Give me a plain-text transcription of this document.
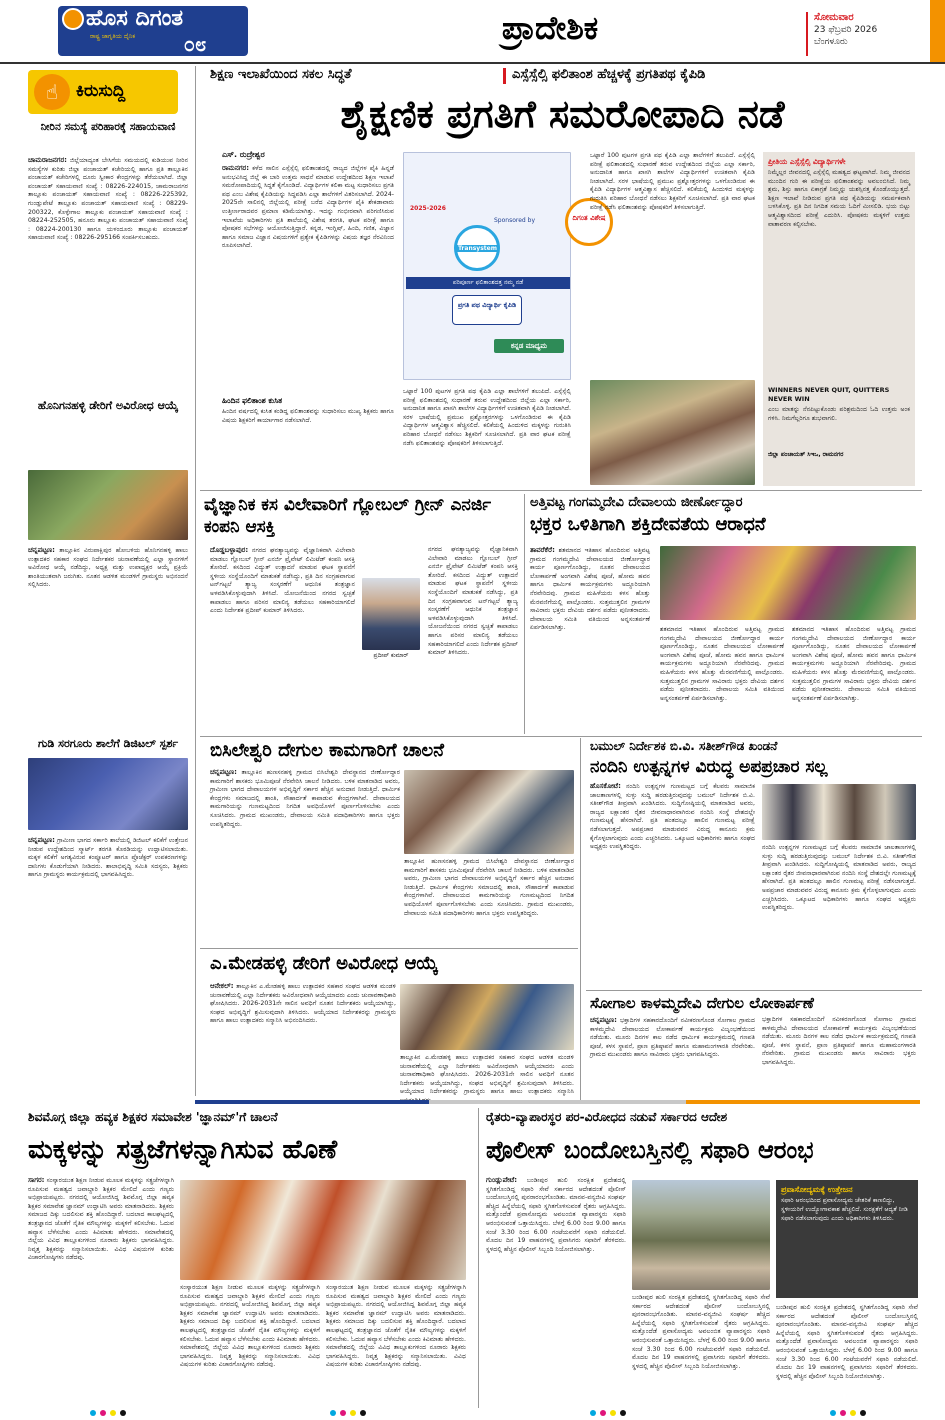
ಹೊಸ ದಿಗಂತ
ರಾಷ್ಟ್ರ ಜಾಗೃತಿಯ ದೈನಿಕ	೦೮	ಪ್ರಾದೇಶಿಕ	ಸೋಮವಾರ
23 ಫೆಬ್ರವರಿ 2026
ಬೆಂಗಳೂರು
☝	ಕಿರುಸುದ್ದಿ
ನೀರಿನ ಸಮಸ್ಯೆ ಪರಿಹಾರಕ್ಕೆ ಸಹಾಯವಾಣಿ
ಚಾಮರಾಜನಗರ: ಜಿಲ್ಲೆಯಾದ್ಯಂತ ಬೇಸಿಗೆಯ ಸಮಯದಲ್ಲಿ ಕುಡಿಯುವ ನೀರಿನ ಸಮಸ್ಯೆಗಳ ಕುರಿತು ಜಿಲ್ಲಾ ಪಂಚಾಯತ್ ಕಚೇರಿಯಲ್ಲಿ ಹಾಗೂ ಪ್ರತಿ ತಾಲ್ಲೂಕಿನ ಪಂಚಾಯತ್ ಕಚೇರಿಗಳಲ್ಲಿ ದೂರು ಸ್ವೀಕಾರ ಕೇಂದ್ರಗಳನ್ನು ತೆರೆಯಲಾಗಿದೆ. ಜಿಲ್ಲಾ ಪಂಚಾಯತ್ ಸಹಾಯವಾಣಿ ಸಂಖ್ಯೆ : 08226-224015, ಚಾಮರಾಜನಗರ ತಾಲ್ಲೂಕು ಪಂಚಾಯತ್ ಸಹಾಯವಾಣಿ ಸಂಖ್ಯೆ : 08226-225392, ಗುಂಡ್ಲುಪೇಟೆ ತಾಲ್ಲೂಕು ಪಂಚಾಯತ್ ಸಹಾಯವಾಣಿ ಸಂಖ್ಯೆ : 08229-200322, ಕೊಳ್ಳೇಗಾಲ ತಾಲ್ಲೂಕು ಪಂಚಾಯತ್ ಸಹಾಯವಾಣಿ ಸಂಖ್ಯೆ : 08224-252505, ಹನೂರು ತಾಲ್ಲೂಕು ಪಂಚಾಯತ್ ಸಹಾಯವಾಣಿ ಸಂಖ್ಯೆ : 08224-200130 ಹಾಗೂ ಯಳಂದೂರು ತಾಲ್ಲೂಕು ಪಂಚಾಯತ್ ಸಹಾಯವಾಣಿ ಸಂಖ್ಯೆ : 08226-295166 ಸಂಪರ್ಕಿಸಬಹುದು.
ಹೊನಿಗನಹಳ್ಳಿ ಡೇರಿಗೆ ಅವಿರೋಧ ಆಯ್ಕೆ
ಚನ್ನಪಟ್ಟಣ: ತಾಲ್ಲೂಕಿನ ವಿರುಪಾಕ್ಷಿಪುರ ಹೋಬಳಿಯ ಹೊನಿಗನಹಳ್ಳಿ ಹಾಲು ಉತ್ಪಾದಕರ ಸಹಕಾರ ಸಂಘದ ನಿರ್ದೇಶಕರ ಚುನಾವಣೆಯಲ್ಲಿ ಎಲ್ಲಾ ಸ್ಥಾನಗಳಿಗೆ ಅವಿರೋಧ ಆಯ್ಕೆ ನಡೆದಿದ್ದು, ಅಧ್ಯಕ್ಷ ಮತ್ತು ಉಪಾಧ್ಯಕ್ಷರ ಆಯ್ಕೆ ಪ್ರಕ್ರಿಯೆ ಶಾಂತಿಯುತವಾಗಿ ಜರುಗಿತು. ನೂತನ ಆಡಳಿತ ಮಂಡಳಿಗೆ ಗ್ರಾಮಸ್ಥರು ಅಭಿನಂದನೆ ಸಲ್ಲಿಸಿದರು.
ಗುಡಿ ಸರಗೂರು ಶಾಲೆಗೆ ಡಿಜಿಟಲ್ ಸ್ಪರ್ಶ
ಚನ್ನಪಟ್ಟಣ: ಗ್ರಾಮೀಣ ಭಾಗದ ಸರ್ಕಾರಿ ಶಾಲೆಯಲ್ಲಿ ಡಿಜಿಟಲ್ ಕಲಿಕೆಗೆ ಉತ್ತೇಜನ ನೀಡುವ ಉದ್ದೇಶದಿಂದ ಸ್ಮಾರ್ಟ್ ತರಗತಿ ಕೊಠಡಿಯನ್ನು ಉದ್ಘಾಟಿಸಲಾಯಿತು. ಮಕ್ಕಳ ಕಲಿಕೆಗೆ ಅಗತ್ಯವಿರುವ ಕಂಪ್ಯೂಟರ್ ಹಾಗೂ ಪ್ರೊಜೆಕ್ಟರ್ ಉಪಕರಣಗಳನ್ನು ದಾನಿಗಳು ಕೊಡುಗೆಯಾಗಿ ನೀಡಿದರು. ಶಾಲಾಭಿವೃದ್ಧಿ ಸಮಿತಿ ಸದಸ್ಯರು, ಶಿಕ್ಷಕರು ಹಾಗೂ ಗ್ರಾಮಸ್ಥರು ಕಾರ್ಯಕ್ರಮದಲ್ಲಿ ಭಾಗವಹಿಸಿದ್ದರು.
ಶಿಕ್ಷಣ ಇಲಾಖೆಯಿಂದ ಸಕಲ ಸಿದ್ಧತೆ	ಎಸ್ಸೆಸ್ಸೆಲ್ಸಿ ಫಲಿತಾಂಶ ಹೆಚ್ಚಳಕ್ಕೆ ಪ್ರಗತಿಪಥ ಕೈಪಿಡಿ
ಶೈಕ್ಷಣಿಕ ಪ್ರಗತಿಗೆ ಸಮರೋಪಾದಿ ನಡೆ
ಎಸ್. ರುದ್ರೇಶ್ವರ
ರಾಮನಗರ: ಕಳೆದ ಸಾಲಿನ ಎಸ್ಸೆಸ್ಸೆಲ್ಸಿ ಫಲಿತಾಂಶದಲ್ಲಿ ರಾಜ್ಯದ ಜಿಲ್ಲೆಗಳ ಪೈಕಿ ಹಿನ್ನಡೆ ಅನುಭವಿಸಿದ್ದ ಜಿಲ್ಲೆ ಈ ಬಾರಿ ಉತ್ತಮ ಸಾಧನೆ ಮಾಡುವ ಉದ್ದೇಶದಿಂದ ಶಿಕ್ಷಣ ಇಲಾಖೆ ಸಮರೋಪಾದಿಯಲ್ಲಿ ಸಿದ್ಧತೆ ಕೈಗೊಂಡಿದೆ. ವಿದ್ಯಾರ್ಥಿಗಳ ಕಲಿಕಾ ಮಟ್ಟ ಸುಧಾರಿಸಲು ಪ್ರಗತಿ ಪಥ ಎಂಬ ವಿಶೇಷ ಕೈಪಿಡಿಯನ್ನು ಸಿದ್ಧಪಡಿಸಿ ಎಲ್ಲಾ ಶಾಲೆಗಳಿಗೆ ವಿತರಿಸಲಾಗಿದೆ. 2024-2025ನೇ ಸಾಲಿನಲ್ಲಿ ಜಿಲ್ಲೆಯಲ್ಲಿ ಪರೀಕ್ಷೆ ಬರೆದ ವಿದ್ಯಾರ್ಥಿಗಳ ಪೈಕಿ ಶೇಕಡಾವಾರು ಉತ್ತೀರ್ಣರಾದವರ ಪ್ರಮಾಣ ಕಡಿಮೆಯಾಗಿತ್ತು. ಇದನ್ನು ಗಂಭೀರವಾಗಿ ಪರಿಗಣಿಸಿರುವ ಇಲಾಖೆಯ ಅಧಿಕಾರಿಗಳು ಪ್ರತಿ ಶಾಲೆಯಲ್ಲಿ ವಿಶೇಷ ತರಗತಿ, ಘಟಕ ಪರೀಕ್ಷೆ ಹಾಗೂ ಪೋಷಕರ ಸಭೆಗಳನ್ನು ಆಯೋಜಿಸುತ್ತಿದ್ದಾರೆ. ಕನ್ನಡ, ಇಂಗ್ಲಿಷ್, ಹಿಂದಿ, ಗಣಿತ, ವಿಜ್ಞಾನ ಹಾಗೂ ಸಮಾಜ ವಿಜ್ಞಾನ ವಿಷಯಗಳಿಗೆ ಪ್ರತ್ಯೇಕ ಕೈಪಿಡಿಗಳನ್ನು ವಿಷಯ ತಜ್ಞರ ನೆರವಿನಿಂದ ರೂಪಿಸಲಾಗಿದೆ.
ಹಿಂದಿನ ಫಲಿತಾಂಶ ಕುಸಿತ
ಹಿಂದಿನ ವರ್ಷದಲ್ಲಿ ಕುಸಿತ ಕಂಡಿದ್ದ ಫಲಿತಾಂಶವನ್ನು ಸುಧಾರಿಸಲು ಮುಖ್ಯ ಶಿಕ್ಷಕರು ಹಾಗೂ ವಿಷಯ ಶಿಕ್ಷಕರಿಗೆ ಕಾರ್ಯಾಗಾರ ನಡೆಸಲಾಗಿದೆ.
2025-2026
Sponsored by
Transystem
ಪರಿಪೂರ್ಣ ಫಲಿತಾಂಶದತ್ತ ನಮ್ಮ ನಡೆ
ಪ್ರಗತಿ ಪಥ ವಿದ್ಯಾರ್ಥಿ ಕೈಪಿಡಿ
ಕನ್ನಡ ಮಾಧ್ಯಮ
ದಿಗಂತ ವಿಶೇಷ
ಒಟ್ಟಾರೆ 100 ಪುಟಗಳ ಪ್ರಗತಿ ಪಥ ಕೈಪಿಡಿ ಎಲ್ಲಾ ಶಾಲೆಗಳಿಗೆ ತಲುಪಿದೆ. ಎಸ್ಸೆಸ್ಸೆಲ್ಸಿ ಪರೀಕ್ಷೆ ಫಲಿತಾಂಶದಲ್ಲಿ ಸುಧಾರಣೆ ತರುವ ಉದ್ದೇಶದಿಂದ ಜಿಲ್ಲೆಯ ಎಲ್ಲಾ ಸರ್ಕಾರಿ, ಅನುದಾನಿತ ಹಾಗೂ ಖಾಸಗಿ ಶಾಲೆಗಳ ವಿದ್ಯಾರ್ಥಿಗಳಿಗೆ ಉಚಿತವಾಗಿ ಕೈಪಿಡಿ ನೀಡಲಾಗಿದೆ. ಸರಳ ಭಾಷೆಯಲ್ಲಿ ಪ್ರಮುಖ ಪ್ರಶ್ನೋತ್ತರಗಳನ್ನು ಒಳಗೊಂಡಿರುವ ಈ ಕೈಪಿಡಿ ವಿದ್ಯಾರ್ಥಿಗಳ ಆತ್ಮವಿಶ್ವಾಸ ಹೆಚ್ಚಿಸಲಿದೆ. ಕಲಿಕೆಯಲ್ಲಿ ಹಿಂದುಳಿದ ಮಕ್ಕಳನ್ನು ಗುರುತಿಸಿ ಪರಿಹಾರ ಬೋಧನೆ ನಡೆಸಲು ಶಿಕ್ಷಕರಿಗೆ ಸೂಚಿಸಲಾಗಿದೆ. ಪ್ರತಿ ವಾರ ಘಟಕ ಪರೀಕ್ಷೆ ನಡೆಸಿ ಫಲಿತಾಂಶವನ್ನು ಪೋಷಕರಿಗೆ ತಿಳಿಸಲಾಗುತ್ತಿದೆ.
ಒಟ್ಟಾರೆ 100 ಪುಟಗಳ ಪ್ರಗತಿ ಪಥ ಕೈಪಿಡಿ ಎಲ್ಲಾ ಶಾಲೆಗಳಿಗೆ ತಲುಪಿದೆ. ಎಸ್ಸೆಸ್ಸೆಲ್ಸಿ ಪರೀಕ್ಷೆ ಫಲಿತಾಂಶದಲ್ಲಿ ಸುಧಾರಣೆ ತರುವ ಉದ್ದೇಶದಿಂದ ಜಿಲ್ಲೆಯ ಎಲ್ಲಾ ಸರ್ಕಾರಿ, ಅನುದಾನಿತ ಹಾಗೂ ಖಾಸಗಿ ಶಾಲೆಗಳ ವಿದ್ಯಾರ್ಥಿಗಳಿಗೆ ಉಚಿತವಾಗಿ ಕೈಪಿಡಿ ನೀಡಲಾಗಿದೆ. ಸರಳ ಭಾಷೆಯಲ್ಲಿ ಪ್ರಮುಖ ಪ್ರಶ್ನೋತ್ತರಗಳನ್ನು ಒಳಗೊಂಡಿರುವ ಈ ಕೈಪಿಡಿ ವಿದ್ಯಾರ್ಥಿಗಳ ಆತ್ಮವಿಶ್ವಾಸ ಹೆಚ್ಚಿಸಲಿದೆ. ಕಲಿಕೆಯಲ್ಲಿ ಹಿಂದುಳಿದ ಮಕ್ಕಳನ್ನು ಗುರುತಿಸಿ ಪರಿಹಾರ ಬೋಧನೆ ನಡೆಸಲು ಶಿಕ್ಷಕರಿಗೆ ಸೂಚಿಸಲಾಗಿದೆ. ಪ್ರತಿ ವಾರ ಘಟಕ ಪರೀಕ್ಷೆ ನಡೆಸಿ ಫಲಿತಾಂಶವನ್ನು ಪೋಷಕರಿಗೆ ತಿಳಿಸಲಾಗುತ್ತಿದೆ.
ಪ್ರೀತಿಯ ಎಸ್ಸೆಸ್ಸೆಲ್ಸಿ ವಿದ್ಯಾರ್ಥಿಗಳೇ
ನಿಮ್ಮೆಲ್ಲರ ಜೀವನದಲ್ಲಿ ಎಸ್ಸೆಸ್ಸೆಲ್ಸಿ ಮಹತ್ವದ ಘಟ್ಟವಾಗಿದೆ. ನಿಮ್ಮ ಜೀವನದ ಮುಂದಿನ ಗುರಿ ಈ ಪರೀಕ್ಷೆಯ ಫಲಿತಾಂಶವನ್ನು ಅವಲಂಬಿಸಿದೆ. ನಿಮ್ಮ ಶ್ರಮ, ಶಿಸ್ತು ಹಾಗೂ ಏಕಾಗ್ರತೆ ನಿಮ್ಮನ್ನು ಯಶಸ್ಸಿನತ್ತ ಕೊಂಡೊಯ್ಯುತ್ತದೆ. ಶಿಕ್ಷಣ ಇಲಾಖೆ ನೀಡಿರುವ ಪ್ರಗತಿ ಪಥ ಕೈಪಿಡಿಯನ್ನು ಸಮರ್ಪಕವಾಗಿ ಬಳಸಿಕೊಳ್ಳಿ. ಪ್ರತಿ ದಿನ ನಿಗದಿತ ಸಮಯ ಓದಿಗೆ ಮೀಸಲಿಡಿ. ಭಯ ಬಿಟ್ಟು ಆತ್ಮವಿಶ್ವಾಸದಿಂದ ಪರೀಕ್ಷೆ ಎದುರಿಸಿ. ಪೋಷಕರು ಮಕ್ಕಳಿಗೆ ಉತ್ತಮ ವಾತಾವರಣ ಕಲ್ಪಿಸಬೇಕು.
WINNERS NEVER QUIT, QUITTERS NEVER WIN
ಎಂಬ ಮಾತನ್ನು ನೆನಪಿಟ್ಟುಕೊಂಡು ಪರಿಶ್ರಮದಿಂದ ಓದಿ ಉತ್ತಮ ಅಂಕ ಗಳಿಸಿ. ನಿಮಗೆಲ್ಲರಿಗೂ ಶುಭವಾಗಲಿ.
ಜಿಲ್ಲಾ ಪಂಚಾಯತ್ ಸಿಇಒ, ರಾಮನಗರ
ವೈಜ್ಞಾನಿಕ ಕಸ ವಿಲೇವಾರಿಗೆ ಗ್ಲೋಬಲ್ ಗ್ರೀನ್ ಎನರ್ಜಿ ಕಂಪನಿ ಆಸಕ್ತಿ
ದೊಡ್ಡಬಳ್ಳಾಪುರ: ನಗರದ ಘನತ್ಯಾಜ್ಯವನ್ನು ವೈಜ್ಞಾನಿಕವಾಗಿ ವಿಲೇವಾರಿ ಮಾಡಲು ಗ್ಲೋಬಲ್ ಗ್ರೀನ್ ಎನರ್ಜಿ ಪ್ರೈವೇಟ್ ಲಿಮಿಟೆಡ್ ಕಂಪನಿ ಆಸಕ್ತಿ ತೋರಿದೆ. ಕಸದಿಂದ ವಿದ್ಯುತ್ ಉತ್ಪಾದನೆ ಮಾಡುವ ಘಟಕ ಸ್ಥಾಪನೆಗೆ ಸ್ಥಳೀಯ ಸಂಸ್ಥೆಯೊಂದಿಗೆ ಮಾತುಕತೆ ನಡೆಸಿದ್ದು, ಪ್ರತಿ ದಿನ ಸಂಗ್ರಹವಾಗುವ ಟನ್‌ಗಟ್ಟಲೆ ತ್ಯಾಜ್ಯ ಸಂಸ್ಕರಣೆಗೆ ಆಧುನಿಕ ತಂತ್ರಜ್ಞಾನ ಅಳವಡಿಸಿಕೊಳ್ಳುವುದಾಗಿ ತಿಳಿಸಿದೆ. ಯೋಜನೆಯಿಂದ ನಗರದ ಸ್ವಚ್ಛತೆ ಕಾಪಾಡಲು ಹಾಗೂ ಪರಿಸರ ಮಾಲಿನ್ಯ ತಡೆಯಲು ಸಹಕಾರಿಯಾಗಲಿದೆ ಎಂದು ನಿರ್ದೇಶಕ ಪ್ರದೀಪ್ ಕುಮಾರ್ ತಿಳಿಸಿದರು.
ಪ್ರದೀಪ್ ಕುಮಾರ್
ನಗರದ ಘನತ್ಯಾಜ್ಯವನ್ನು ವೈಜ್ಞಾನಿಕವಾಗಿ ವಿಲೇವಾರಿ ಮಾಡಲು ಗ್ಲೋಬಲ್ ಗ್ರೀನ್ ಎನರ್ಜಿ ಪ್ರೈವೇಟ್ ಲಿಮಿಟೆಡ್ ಕಂಪನಿ ಆಸಕ್ತಿ ತೋರಿದೆ. ಕಸದಿಂದ ವಿದ್ಯುತ್ ಉತ್ಪಾದನೆ ಮಾಡುವ ಘಟಕ ಸ್ಥಾಪನೆಗೆ ಸ್ಥಳೀಯ ಸಂಸ್ಥೆಯೊಂದಿಗೆ ಮಾತುಕತೆ ನಡೆಸಿದ್ದು, ಪ್ರತಿ ದಿನ ಸಂಗ್ರಹವಾಗುವ ಟನ್‌ಗಟ್ಟಲೆ ತ್ಯಾಜ್ಯ ಸಂಸ್ಕರಣೆಗೆ ಆಧುನಿಕ ತಂತ್ರಜ್ಞಾನ ಅಳವಡಿಸಿಕೊಳ್ಳುವುದಾಗಿ ತಿಳಿಸಿದೆ. ಯೋಜನೆಯಿಂದ ನಗರದ ಸ್ವಚ್ಛತೆ ಕಾಪಾಡಲು ಹಾಗೂ ಪರಿಸರ ಮಾಲಿನ್ಯ ತಡೆಯಲು ಸಹಕಾರಿಯಾಗಲಿದೆ ಎಂದು ನಿರ್ದೇಶಕ ಪ್ರದೀಪ್ ಕುಮಾರ್ ತಿಳಿಸಿದರು.
ಅತ್ತಿವಟ್ಟ ಗಂಗಮ್ಮದೇವಿ ದೇವಾಲಯ ಜೀರ್ಣೋದ್ಧಾರ
ಭಕ್ತರ ಒಳಿತಿಗಾಗಿ ಶಕ್ತಿದೇವತೆಯ ಆರಾಧನೆ
ತಾವರೆಕೆರೆ: ಶತಮಾನದ ಇತಿಹಾಸ ಹೊಂದಿರುವ ಅತ್ತಿವಟ್ಟ ಗ್ರಾಮದ ಗಂಗಮ್ಮದೇವಿ ದೇವಾಲಯದ ಜೀರ್ಣೋದ್ಧಾರ ಕಾರ್ಯ ಪೂರ್ಣಗೊಂಡಿದ್ದು, ನೂತನ ದೇವಾಲಯದ ಲೋಕಾರ್ಪಣೆ ಅಂಗವಾಗಿ ವಿಶೇಷ ಪೂಜೆ, ಹೋಮ ಹವನ ಹಾಗೂ ಧಾರ್ಮಿಕ ಕಾರ್ಯಕ್ರಮಗಳು ಅದ್ದೂರಿಯಾಗಿ ನೆರವೇರಿದವು. ಗ್ರಾಮದ ಮಹಿಳೆಯರು ಕಳಸ ಹೊತ್ತು ಮೆರವಣಿಗೆಯಲ್ಲಿ ಪಾಲ್ಗೊಂಡರು. ಸುತ್ತಮುತ್ತಲಿನ ಗ್ರಾಮಗಳ ಸಾವಿರಾರು ಭಕ್ತರು ದೇವಿಯ ದರ್ಶನ ಪಡೆದು ಪುನೀತರಾದರು. ದೇವಾಲಯ ಸಮಿತಿ ವತಿಯಿಂದ ಅನ್ನಸಂತರ್ಪಣೆ ಏರ್ಪಡಿಸಲಾಗಿತ್ತು.	ಶತಮಾನದ ಇತಿಹಾಸ ಹೊಂದಿರುವ ಅತ್ತಿವಟ್ಟ ಗ್ರಾಮದ ಗಂಗಮ್ಮದೇವಿ ದೇವಾಲಯದ ಜೀರ್ಣೋದ್ಧಾರ ಕಾರ್ಯ ಪೂರ್ಣಗೊಂಡಿದ್ದು, ನೂತನ ದೇವಾಲಯದ ಲೋಕಾರ್ಪಣೆ ಅಂಗವಾಗಿ ವಿಶೇಷ ಪೂಜೆ, ಹೋಮ ಹವನ ಹಾಗೂ ಧಾರ್ಮಿಕ ಕಾರ್ಯಕ್ರಮಗಳು ಅದ್ದೂರಿಯಾಗಿ ನೆರವೇರಿದವು. ಗ್ರಾಮದ ಮಹಿಳೆಯರು ಕಳಸ ಹೊತ್ತು ಮೆರವಣಿಗೆಯಲ್ಲಿ ಪಾಲ್ಗೊಂಡರು. ಸುತ್ತಮುತ್ತಲಿನ ಗ್ರಾಮಗಳ ಸಾವಿರಾರು ಭಕ್ತರು ದೇವಿಯ ದರ್ಶನ ಪಡೆದು ಪುನೀತರಾದರು. ದೇವಾಲಯ ಸಮಿತಿ ವತಿಯಿಂದ ಅನ್ನಸಂತರ್ಪಣೆ ಏರ್ಪಡಿಸಲಾಗಿತ್ತು.
ಶತಮಾನದ ಇತಿಹಾಸ ಹೊಂದಿರುವ ಅತ್ತಿವಟ್ಟ ಗ್ರಾಮದ ಗಂಗಮ್ಮದೇವಿ ದೇವಾಲಯದ ಜೀರ್ಣೋದ್ಧಾರ ಕಾರ್ಯ ಪೂರ್ಣಗೊಂಡಿದ್ದು, ನೂತನ ದೇವಾಲಯದ ಲೋಕಾರ್ಪಣೆ ಅಂಗವಾಗಿ ವಿಶೇಷ ಪೂಜೆ, ಹೋಮ ಹವನ ಹಾಗೂ ಧಾರ್ಮಿಕ ಕಾರ್ಯಕ್ರಮಗಳು ಅದ್ದೂರಿಯಾಗಿ ನೆರವೇರಿದವು. ಗ್ರಾಮದ ಮಹಿಳೆಯರು ಕಳಸ ಹೊತ್ತು ಮೆರವಣಿಗೆಯಲ್ಲಿ ಪಾಲ್ಗೊಂಡರು. ಸುತ್ತಮುತ್ತಲಿನ ಗ್ರಾಮಗಳ ಸಾವಿರಾರು ಭಕ್ತರು ದೇವಿಯ ದರ್ಶನ ಪಡೆದು ಪುನೀತರಾದರು. ದೇವಾಲಯ ಸಮಿತಿ ವತಿಯಿಂದ ಅನ್ನಸಂತರ್ಪಣೆ ಏರ್ಪಡಿಸಲಾಗಿತ್ತು.
ಬಿಸಿಲೇಶ್ವರಿ ದೇಗುಲ ಕಾಮಗಾರಿಗೆ ಚಾಲನೆ
ಚನ್ನಪಟ್ಟಣ: ತಾಲ್ಲೂಕಿನ ಹುಣಸನಹಳ್ಳಿ ಗ್ರಾಮದ ಬಿಸಿಲೇಶ್ವರಿ ದೇವಸ್ಥಾನದ ಜೀರ್ಣೋದ್ಧಾರ ಕಾಮಗಾರಿಗೆ ಶಾಸಕರು ಭೂಮಿಪೂಜೆ ನೆರವೇರಿಸಿ ಚಾಲನೆ ನೀಡಿದರು. ಬಳಿಕ ಮಾತನಾಡಿದ ಅವರು, ಗ್ರಾಮೀಣ ಭಾಗದ ದೇವಾಲಯಗಳ ಅಭಿವೃದ್ಧಿಗೆ ಸರ್ಕಾರ ಹೆಚ್ಚಿನ ಅನುದಾನ ನೀಡುತ್ತಿದೆ. ಧಾರ್ಮಿಕ ಕೇಂದ್ರಗಳು ಸಮಾಜದಲ್ಲಿ ಶಾಂತಿ, ಸೌಹಾರ್ದತೆ ಕಾಪಾಡುವ ಕೇಂದ್ರಗಳಾಗಿವೆ. ದೇವಾಲಯದ ಕಾಮಗಾರಿಯನ್ನು ಗುಣಮಟ್ಟದಿಂದ ನಿಗದಿತ ಅವಧಿಯೊಳಗೆ ಪೂರ್ಣಗೊಳಿಸಬೇಕು ಎಂದು ಸೂಚಿಸಿದರು. ಗ್ರಾಮದ ಮುಖಂಡರು, ದೇವಾಲಯ ಸಮಿತಿ ಪದಾಧಿಕಾರಿಗಳು ಹಾಗೂ ಭಕ್ತರು ಉಪಸ್ಥಿತರಿದ್ದರು.
ತಾಲ್ಲೂಕಿನ ಹುಣಸನಹಳ್ಳಿ ಗ್ರಾಮದ ಬಿಸಿಲೇಶ್ವರಿ ದೇವಸ್ಥಾನದ ಜೀರ್ಣೋದ್ಧಾರ ಕಾಮಗಾರಿಗೆ ಶಾಸಕರು ಭೂಮಿಪೂಜೆ ನೆರವೇರಿಸಿ ಚಾಲನೆ ನೀಡಿದರು. ಬಳಿಕ ಮಾತನಾಡಿದ ಅವರು, ಗ್ರಾಮೀಣ ಭಾಗದ ದೇವಾಲಯಗಳ ಅಭಿವೃದ್ಧಿಗೆ ಸರ್ಕಾರ ಹೆಚ್ಚಿನ ಅನುದಾನ ನೀಡುತ್ತಿದೆ. ಧಾರ್ಮಿಕ ಕೇಂದ್ರಗಳು ಸಮಾಜದಲ್ಲಿ ಶಾಂತಿ, ಸೌಹಾರ್ದತೆ ಕಾಪಾಡುವ ಕೇಂದ್ರಗಳಾಗಿವೆ. ದೇವಾಲಯದ ಕಾಮಗಾರಿಯನ್ನು ಗುಣಮಟ್ಟದಿಂದ ನಿಗದಿತ ಅವಧಿಯೊಳಗೆ ಪೂರ್ಣಗೊಳಿಸಬೇಕು ಎಂದು ಸೂಚಿಸಿದರು. ಗ್ರಾಮದ ಮುಖಂಡರು, ದೇವಾಲಯ ಸಮಿತಿ ಪದಾಧಿಕಾರಿಗಳು ಹಾಗೂ ಭಕ್ತರು ಉಪಸ್ಥಿತರಿದ್ದರು.
ಬಮುಲ್ ನಿರ್ದೇಶಕ ಬಿ.ವಿ. ಸತೀಶ್‌ಗೌಡ ಖಂಡನೆ
ನಂದಿನಿ ಉತ್ಪನ್ನಗಳ ವಿರುದ್ಧ ಅಪಪ್ರಚಾರ ಸಲ್ಲ
ಹೊಸಕೋಟೆ: ನಂದಿನಿ ಉತ್ಪನ್ನಗಳ ಗುಣಮಟ್ಟದ ಬಗ್ಗೆ ಕೆಲವರು ಸಾಮಾಜಿಕ ಜಾಲತಾಣಗಳಲ್ಲಿ ಸುಳ್ಳು ಸುದ್ದಿ ಹರಡುತ್ತಿರುವುದನ್ನು ಬಮುಲ್ ನಿರ್ದೇಶಕ ಬಿ.ವಿ. ಸತೀಶ್‌ಗೌಡ ತೀವ್ರವಾಗಿ ಖಂಡಿಸಿದರು. ಸುದ್ದಿಗೋಷ್ಠಿಯಲ್ಲಿ ಮಾತನಾಡಿದ ಅವರು, ರಾಜ್ಯದ ಲಕ್ಷಾಂತರ ರೈತರ ಜೀವನಾಧಾರವಾಗಿರುವ ನಂದಿನಿ ಸಂಸ್ಥೆ ದೇಶದಲ್ಲೇ ಗುಣಮಟ್ಟಕ್ಕೆ ಹೆಸರಾಗಿದೆ. ಪ್ರತಿ ಹಂತದಲ್ಲೂ ಹಾಲಿನ ಗುಣಮಟ್ಟ ಪರೀಕ್ಷೆ ನಡೆಸಲಾಗುತ್ತದೆ. ಅಪಪ್ರಚಾರ ಮಾಡುವವರ ವಿರುದ್ಧ ಕಾನೂನು ಕ್ರಮ ಕೈಗೊಳ್ಳಲಾಗುವುದು ಎಂದು ಎಚ್ಚರಿಸಿದರು. ಒಕ್ಕೂಟದ ಅಧಿಕಾರಿಗಳು ಹಾಗೂ ಸಂಘದ ಅಧ್ಯಕ್ಷರು ಉಪಸ್ಥಿತರಿದ್ದರು.	ನಂದಿನಿ ಉತ್ಪನ್ನಗಳ ಗುಣಮಟ್ಟದ ಬಗ್ಗೆ ಕೆಲವರು ಸಾಮಾಜಿಕ ಜಾಲತಾಣಗಳಲ್ಲಿ ಸುಳ್ಳು ಸುದ್ದಿ ಹರಡುತ್ತಿರುವುದನ್ನು ಬಮುಲ್ ನಿರ್ದೇಶಕ ಬಿ.ವಿ. ಸತೀಶ್‌ಗೌಡ ತೀವ್ರವಾಗಿ ಖಂಡಿಸಿದರು. ಸುದ್ದಿಗೋಷ್ಠಿಯಲ್ಲಿ ಮಾತನಾಡಿದ ಅವರು, ರಾಜ್ಯದ ಲಕ್ಷಾಂತರ ರೈತರ ಜೀವನಾಧಾರವಾಗಿರುವ ನಂದಿನಿ ಸಂಸ್ಥೆ ದೇಶದಲ್ಲೇ ಗುಣಮಟ್ಟಕ್ಕೆ ಹೆಸರಾಗಿದೆ. ಪ್ರತಿ ಹಂತದಲ್ಲೂ ಹಾಲಿನ ಗುಣಮಟ್ಟ ಪರೀಕ್ಷೆ ನಡೆಸಲಾಗುತ್ತದೆ. ಅಪಪ್ರಚಾರ ಮಾಡುವವರ ವಿರುದ್ಧ ಕಾನೂನು ಕ್ರಮ ಕೈಗೊಳ್ಳಲಾಗುವುದು ಎಂದು ಎಚ್ಚರಿಸಿದರು. ಒಕ್ಕೂಟದ ಅಧಿಕಾರಿಗಳು ಹಾಗೂ ಸಂಘದ ಅಧ್ಯಕ್ಷರು ಉಪಸ್ಥಿತರಿದ್ದರು.
ಎ.ಮೇಡಹಳ್ಳಿ ಡೇರಿಗೆ ಅವಿರೋಧ ಆಯ್ಕೆ
ಆನೇಕಲ್: ತಾಲ್ಲೂಕಿನ ಎ.ಮೇಡಹಳ್ಳಿ ಹಾಲು ಉತ್ಪಾದಕರ ಸಹಕಾರ ಸಂಘದ ಆಡಳಿತ ಮಂಡಳಿ ಚುನಾವಣೆಯಲ್ಲಿ ಎಲ್ಲಾ ನಿರ್ದೇಶಕರು ಅವಿರೋಧವಾಗಿ ಆಯ್ಕೆಯಾದರು ಎಂದು ಚುನಾವಣಾಧಿಕಾರಿ ಘೋಷಿಸಿದರು. 2026-2031ನೇ ಸಾಲಿನ ಅವಧಿಗೆ ನೂತನ ನಿರ್ದೇಶಕರು ಆಯ್ಕೆಯಾಗಿದ್ದು, ಸಂಘದ ಅಭಿವೃದ್ಧಿಗೆ ಶ್ರಮಿಸುವುದಾಗಿ ತಿಳಿಸಿದರು. ಆಯ್ಕೆಯಾದ ನಿರ್ದೇಶಕರನ್ನು ಗ್ರಾಮಸ್ಥರು ಹಾಗೂ ಹಾಲು ಉತ್ಪಾದಕರು ಸನ್ಮಾನಿಸಿ ಅಭಿನಂದಿಸಿದರು.
ತಾಲ್ಲೂಕಿನ ಎ.ಮೇಡಹಳ್ಳಿ ಹಾಲು ಉತ್ಪಾದಕರ ಸಹಕಾರ ಸಂಘದ ಆಡಳಿತ ಮಂಡಳಿ ಚುನಾವಣೆಯಲ್ಲಿ ಎಲ್ಲಾ ನಿರ್ದೇಶಕರು ಅವಿರೋಧವಾಗಿ ಆಯ್ಕೆಯಾದರು ಎಂದು ಚುನಾವಣಾಧಿಕಾರಿ ಘೋಷಿಸಿದರು. 2026-2031ನೇ ಸಾಲಿನ ಅವಧಿಗೆ ನೂತನ ನಿರ್ದೇಶಕರು ಆಯ್ಕೆಯಾಗಿದ್ದು, ಸಂಘದ ಅಭಿವೃದ್ಧಿಗೆ ಶ್ರಮಿಸುವುದಾಗಿ ತಿಳಿಸಿದರು. ಆಯ್ಕೆಯಾದ ನಿರ್ದೇಶಕರನ್ನು ಗ್ರಾಮಸ್ಥರು ಹಾಗೂ ಹಾಲು ಉತ್ಪಾದಕರು ಸನ್ಮಾನಿಸಿ
ಸೋಗಾಲ ಕಾಳಮ್ಮದೇವಿ ದೇಗುಲ ಲೋಕಾರ್ಪಣೆ
ಚನ್ನಪಟ್ಟಣ: ಭಕ್ತಾದಿಗಳ ಸಹಕಾರದೊಂದಿಗೆ ನವೀಕರಣಗೊಂಡ ಸೋಗಾಲ ಗ್ರಾಮದ ಕಾಳಮ್ಮದೇವಿ ದೇವಾಲಯದ ಲೋಕಾರ್ಪಣೆ ಕಾರ್ಯಕ್ರಮ ವಿಜೃಂಭಣೆಯಿಂದ ನಡೆಯಿತು. ಮೂರು ದಿನಗಳ ಕಾಲ ನಡೆದ ಧಾರ್ಮಿಕ ಕಾರ್ಯಕ್ರಮದಲ್ಲಿ ಗಣಪತಿ ಪೂಜೆ, ಕಳಸ ಸ್ಥಾಪನೆ, ಪ್ರಾಣ ಪ್ರತಿಷ್ಠಾಪನೆ ಹಾಗೂ ಮಹಾಮಂಗಳಾರತಿ ನೆರವೇರಿತು. ಗ್ರಾಮದ ಮುಖಂಡರು ಹಾಗೂ ಸಾವಿರಾರು ಭಕ್ತರು ಭಾಗವಹಿಸಿದ್ದರು.
ಭಕ್ತಾದಿಗಳ ಸಹಕಾರದೊಂದಿಗೆ ನವೀಕರಣಗೊಂಡ ಸೋಗಾಲ ಗ್ರಾಮದ ಕಾಳಮ್ಮದೇವಿ ದೇವಾಲಯದ ಲೋಕಾರ್ಪಣೆ ಕಾರ್ಯಕ್ರಮ ವಿಜೃಂಭಣೆಯಿಂದ ನಡೆಯಿತು. ಮೂರು ದಿನಗಳ ಕಾಲ ನಡೆದ ಧಾರ್ಮಿಕ ಕಾರ್ಯಕ್ರಮದಲ್ಲಿ ಗಣಪತಿ ಪೂಜೆ, ಕಳಸ ಸ್ಥಾಪನೆ, ಪ್ರಾಣ ಪ್ರತಿಷ್ಠಾಪನೆ ಹಾಗೂ ಮಹಾಮಂಗಳಾರತಿ ನೆರವೇರಿತು. ಗ್ರಾಮದ ಮುಖಂಡರು ಹಾಗೂ ಸಾವಿರಾರು ಭಕ್ತರು ಭಾಗವಹಿಸಿದ್ದರು.
ಶಿವಮೊಗ್ಗ ಜಿಲ್ಲಾ ಹವ್ಯಕ ಶಿಕ್ಷಕರ ಸಮಾವೇಶ 'ಜ್ಞಾನಮ್'ಗೆ ಚಾಲನೆ
ಮಕ್ಕಳನ್ನು ಸತ್ಪ್ರಜೆಗಳನ್ನಾಗಿಸುವ ಹೊಣೆ
ಸಾಗರ: ಸಂಸ್ಕಾರಯುತ ಶಿಕ್ಷಣ ನೀಡುವ ಮೂಲಕ ಮಕ್ಕಳನ್ನು ಸತ್ಪ್ರಜೆಗಳನ್ನಾಗಿ ರೂಪಿಸುವ ಮಹತ್ವದ ಜವಾಬ್ದಾರಿ ಶಿಕ್ಷಕರ ಮೇಲಿದೆ ಎಂದು ಗಣ್ಯರು ಅಭಿಪ್ರಾಯಪಟ್ಟರು. ನಗರದಲ್ಲಿ ಆಯೋಜಿಸಿದ್ದ ಶಿವಮೊಗ್ಗ ಜಿಲ್ಲಾ ಹವ್ಯಕ ಶಿಕ್ಷಕರ ಸಮಾವೇಶ ಜ್ಞಾನಮ್ ಉದ್ಘಾಟಿಸಿ ಅವರು ಮಾತನಾಡಿದರು. ಶಿಕ್ಷಕರು ಸಮಾಜದ ದಿಕ್ಕು ಬದಲಿಸುವ ಶಕ್ತಿ ಹೊಂದಿದ್ದಾರೆ. ಬದಲಾದ ಕಾಲಘಟ್ಟದಲ್ಲಿ ತಂತ್ರಜ್ಞಾನದ ಜೊತೆಗೆ ನೈತಿಕ ಮೌಲ್ಯಗಳನ್ನು ಮಕ್ಕಳಿಗೆ ಕಲಿಸಬೇಕು. ಓದುವ ಹವ್ಯಾಸ ಬೆಳೆಸಬೇಕು ಎಂದು ಕಿವಿಮಾತು ಹೇಳಿದರು. ಸಮಾವೇಶದಲ್ಲಿ ಜಿಲ್ಲೆಯ ವಿವಿಧ ತಾಲ್ಲೂಕುಗಳಿಂದ ನೂರಾರು ಶಿಕ್ಷಕರು ಭಾಗವಹಿಸಿದ್ದರು. ನಿವೃತ್ತ ಶಿಕ್ಷಕರನ್ನು ಸನ್ಮಾನಿಸಲಾಯಿತು. ವಿವಿಧ ವಿಷಯಗಳ ಕುರಿತು ವಿಚಾರಗೋಷ್ಠಿಗಳು ನಡೆದವು.
ಸಂಸ್ಕಾರಯುತ ಶಿಕ್ಷಣ ನೀಡುವ ಮೂಲಕ ಮಕ್ಕಳನ್ನು ಸತ್ಪ್ರಜೆಗಳನ್ನಾಗಿ ರೂಪಿಸುವ ಮಹತ್ವದ ಜವಾಬ್ದಾರಿ ಶಿಕ್ಷಕರ ಮೇಲಿದೆ ಎಂದು ಗಣ್ಯರು ಅಭಿಪ್ರಾಯಪಟ್ಟರು. ನಗರದಲ್ಲಿ ಆಯೋಜಿಸಿದ್ದ ಶಿವಮೊಗ್ಗ ಜಿಲ್ಲಾ ಹವ್ಯಕ ಶಿಕ್ಷಕರ ಸಮಾವೇಶ ಜ್ಞಾನಮ್ ಉದ್ಘಾಟಿಸಿ ಅವರು ಮಾತನಾಡಿದರು. ಶಿಕ್ಷಕರು ಸಮಾಜದ ದಿಕ್ಕು ಬದಲಿಸುವ ಶಕ್ತಿ ಹೊಂದಿದ್ದಾರೆ. ಬದಲಾದ ಕಾಲಘಟ್ಟದಲ್ಲಿ ತಂತ್ರಜ್ಞಾನದ ಜೊತೆಗೆ ನೈತಿಕ ಮೌಲ್ಯಗಳನ್ನು ಮಕ್ಕಳಿಗೆ ಕಲಿಸಬೇಕು. ಓದುವ ಹವ್ಯಾಸ ಬೆಳೆಸಬೇಕು ಎಂದು ಕಿವಿಮಾತು ಹೇಳಿದರು. ಸಮಾವೇಶದಲ್ಲಿ ಜಿಲ್ಲೆಯ ವಿವಿಧ ತಾಲ್ಲೂಕುಗಳಿಂದ ನೂರಾರು ಶಿಕ್ಷಕರು ಭಾಗವಹಿಸಿದ್ದರು. ನಿವೃತ್ತ ಶಿಕ್ಷಕರನ್ನು ಸನ್ಮಾನಿಸಲಾಯಿತು. ವಿವಿಧ ವಿಷಯಗಳ ಕುರಿತು ವಿಚಾರಗೋಷ್ಠಿಗಳು ನಡೆದವು.
ಸಂಸ್ಕಾರಯುತ ಶಿಕ್ಷಣ ನೀಡುವ ಮೂಲಕ ಮಕ್ಕಳನ್ನು ಸತ್ಪ್ರಜೆಗಳನ್ನಾಗಿ ರೂಪಿಸುವ ಮಹತ್ವದ ಜವಾಬ್ದಾರಿ ಶಿಕ್ಷಕರ ಮೇಲಿದೆ ಎಂದು ಗಣ್ಯರು ಅಭಿಪ್ರಾಯಪಟ್ಟರು. ನಗರದಲ್ಲಿ ಆಯೋಜಿಸಿದ್ದ ಶಿವಮೊಗ್ಗ ಜಿಲ್ಲಾ ಹವ್ಯಕ ಶಿಕ್ಷಕರ ಸಮಾವೇಶ ಜ್ಞಾನಮ್ ಉದ್ಘಾಟಿಸಿ ಅವರು ಮಾತನಾಡಿದರು. ಶಿಕ್ಷಕರು ಸಮಾಜದ ದಿಕ್ಕು ಬದಲಿಸುವ ಶಕ್ತಿ ಹೊಂದಿದ್ದಾರೆ. ಬದಲಾದ ಕಾಲಘಟ್ಟದಲ್ಲಿ ತಂತ್ರಜ್ಞಾನದ ಜೊತೆಗೆ ನೈತಿಕ ಮೌಲ್ಯಗಳನ್ನು ಮಕ್ಕಳಿಗೆ ಕಲಿಸಬೇಕು. ಓದುವ ಹವ್ಯಾಸ ಬೆಳೆಸಬೇಕು ಎಂದು ಕಿವಿಮಾತು ಹೇಳಿದರು. ಸಮಾವೇಶದಲ್ಲಿ ಜಿಲ್ಲೆಯ ವಿವಿಧ ತಾಲ್ಲೂಕುಗಳಿಂದ ನೂರಾರು ಶಿಕ್ಷಕರು ಭಾಗವಹಿಸಿದ್ದರು. ನಿವೃತ್ತ ಶಿಕ್ಷಕರನ್ನು ಸನ್ಮಾನಿಸಲಾಯಿತು. ವಿವಿಧ ವಿಷಯಗಳ ಕುರಿತು ವಿಚಾರಗೋಷ್ಠಿಗಳು ನಡೆದವು.
ರೈತರು-ವ್ಯಾಪಾರಸ್ಥರ ಪರ-ವಿರೋಧದ ನಡುವೆ ಸರ್ಕಾರದ ಆದೇಶ
ಪೊಲೀಸ್ ಬಂದೋಬಸ್ತಿನಲ್ಲಿ ಸಫಾರಿ ಆರಂಭ
ಗುಂಡ್ಲುಪೇಟೆ: ಬಂಡೀಪುರ ಹುಲಿ ಸಂರಕ್ಷಿತ ಪ್ರದೇಶದಲ್ಲಿ ಸ್ಥಗಿತಗೊಂಡಿದ್ದ ಸಫಾರಿ ಸೇವೆ ಸರ್ಕಾರದ ಆದೇಶದಂತೆ ಪೊಲೀಸ್ ಬಂದೋಬಸ್ತಿನಲ್ಲಿ ಪುನರಾರಂಭಗೊಂಡಿತು. ಮಾನವ-ವನ್ಯಜೀವಿ ಸಂಘರ್ಷ ಹೆಚ್ಚಿದ ಹಿನ್ನೆಲೆಯಲ್ಲಿ ಸಫಾರಿ ಸ್ಥಗಿತಗೊಳಿಸುವಂತೆ ರೈತರು ಆಗ್ರಹಿಸಿದ್ದರು. ಮತ್ತೊಂದೆಡೆ ಪ್ರವಾಸೋದ್ಯಮ ಅವಲಂಬಿತ ವ್ಯಾಪಾರಸ್ಥರು ಸಫಾರಿ ಆರಂಭಿಸುವಂತೆ ಒತ್ತಾಯಿಸಿದ್ದರು. ಬೆಳಗ್ಗೆ 6.00 ರಿಂದ 9.00 ಹಾಗೂ ಸಂಜೆ 3.30 ರಿಂದ 6.00 ಗಂಟೆಯವರೆಗೆ ಸಫಾರಿ ನಡೆಯಲಿದೆ. ಮೊದಲ ದಿನ 19 ವಾಹನಗಳಲ್ಲಿ ಪ್ರವಾಸಿಗರು ಸಫಾರಿಗೆ ತೆರಳಿದರು. ಸ್ಥಳದಲ್ಲಿ ಹೆಚ್ಚಿನ ಪೊಲೀಸ್ ಸಿಬ್ಬಂದಿ ನಿಯೋಜಿಸಲಾಗಿತ್ತು.
ಬಂಡೀಪುರ ಹುಲಿ ಸಂರಕ್ಷಿತ ಪ್ರದೇಶದಲ್ಲಿ ಸ್ಥಗಿತಗೊಂಡಿದ್ದ ಸಫಾರಿ ಸೇವೆ ಸರ್ಕಾರದ ಆದೇಶದಂತೆ ಪೊಲೀಸ್ ಬಂದೋಬಸ್ತಿನಲ್ಲಿ ಪುನರಾರಂಭಗೊಂಡಿತು. ಮಾನವ-ವನ್ಯಜೀವಿ ಸಂಘರ್ಷ ಹೆಚ್ಚಿದ ಹಿನ್ನೆಲೆಯಲ್ಲಿ ಸಫಾರಿ ಸ್ಥಗಿತಗೊಳಿಸುವಂತೆ ರೈತರು ಆಗ್ರಹಿಸಿದ್ದರು. ಮತ್ತೊಂದೆಡೆ ಪ್ರವಾಸೋದ್ಯಮ ಅವಲಂಬಿತ ವ್ಯಾಪಾರಸ್ಥರು ಸಫಾರಿ ಆರಂಭಿಸುವಂತೆ ಒತ್ತಾಯಿಸಿದ್ದರು. ಬೆಳಗ್ಗೆ 6.00 ರಿಂದ 9.00 ಹಾಗೂ ಸಂಜೆ 3.30 ರಿಂದ 6.00 ಗಂಟೆಯವರೆಗೆ ಸಫಾರಿ ನಡೆಯಲಿದೆ. ಮೊದಲ ದಿನ 19 ವಾಹನಗಳಲ್ಲಿ ಪ್ರವಾಸಿಗರು ಸಫಾರಿಗೆ ತೆರಳಿದರು. ಸ್ಥಳದಲ್ಲಿ ಹೆಚ್ಚಿನ ಪೊಲೀಸ್ ಸಿಬ್ಬಂದಿ ನಿಯೋಜಿಸಲಾಗಿತ್ತು.
ಪ್ರವಾಸೋದ್ಯಮಕ್ಕೆ ಉತ್ತೇಜನ
ಸಫಾರಿ ಆರಂಭದಿಂದ ಪ್ರವಾಸೋದ್ಯಮ ಚೇತರಿಕೆ ಕಾಣಲಿದ್ದು, ಸ್ಥಳೀಯರಿಗೆ ಉದ್ಯೋಗಾವಕಾಶ ಹೆಚ್ಚಲಿದೆ. ಸುರಕ್ಷತೆಗೆ ಆದ್ಯತೆ ನೀಡಿ ಸಫಾರಿ ನಡೆಸಲಾಗುವುದು ಎಂದು ಅಧಿಕಾರಿಗಳು ತಿಳಿಸಿದರು.
ಬಂಡೀಪುರ ಹುಲಿ ಸಂರಕ್ಷಿತ ಪ್ರದೇಶದಲ್ಲಿ ಸ್ಥಗಿತಗೊಂಡಿದ್ದ ಸಫಾರಿ ಸೇವೆ ಸರ್ಕಾರದ ಆದೇಶದಂತೆ ಪೊಲೀಸ್ ಬಂದೋಬಸ್ತಿನಲ್ಲಿ ಪುನರಾರಂಭಗೊಂಡಿತು. ಮಾನವ-ವನ್ಯಜೀವಿ ಸಂಘರ್ಷ ಹೆಚ್ಚಿದ ಹಿನ್ನೆಲೆಯಲ್ಲಿ ಸಫಾರಿ ಸ್ಥಗಿತಗೊಳಿಸುವಂತೆ ರೈತರು ಆಗ್ರಹಿಸಿದ್ದರು. ಮತ್ತೊಂದೆಡೆ ಪ್ರವಾಸೋದ್ಯಮ ಅವಲಂಬಿತ ವ್ಯಾಪಾರಸ್ಥರು ಸಫಾರಿ ಆರಂಭಿಸುವಂತೆ ಒತ್ತಾಯಿಸಿದ್ದರು. ಬೆಳಗ್ಗೆ 6.00 ರಿಂದ 9.00 ಹಾಗೂ ಸಂಜೆ 3.30 ರಿಂದ 6.00 ಗಂಟೆಯವರೆಗೆ ಸಫಾರಿ ನಡೆಯಲಿದೆ. ಮೊದಲ ದಿನ 19 ವಾಹನಗಳಲ್ಲಿ ಪ್ರವಾಸಿಗರು ಸಫಾರಿಗೆ ತೆರಳಿದರು. ಸ್ಥಳದಲ್ಲಿ ಹೆಚ್ಚಿನ ಪೊಲೀಸ್ ಸಿಬ್ಬಂದಿ ನಿಯೋಜಿಸಲಾಗಿತ್ತು.
